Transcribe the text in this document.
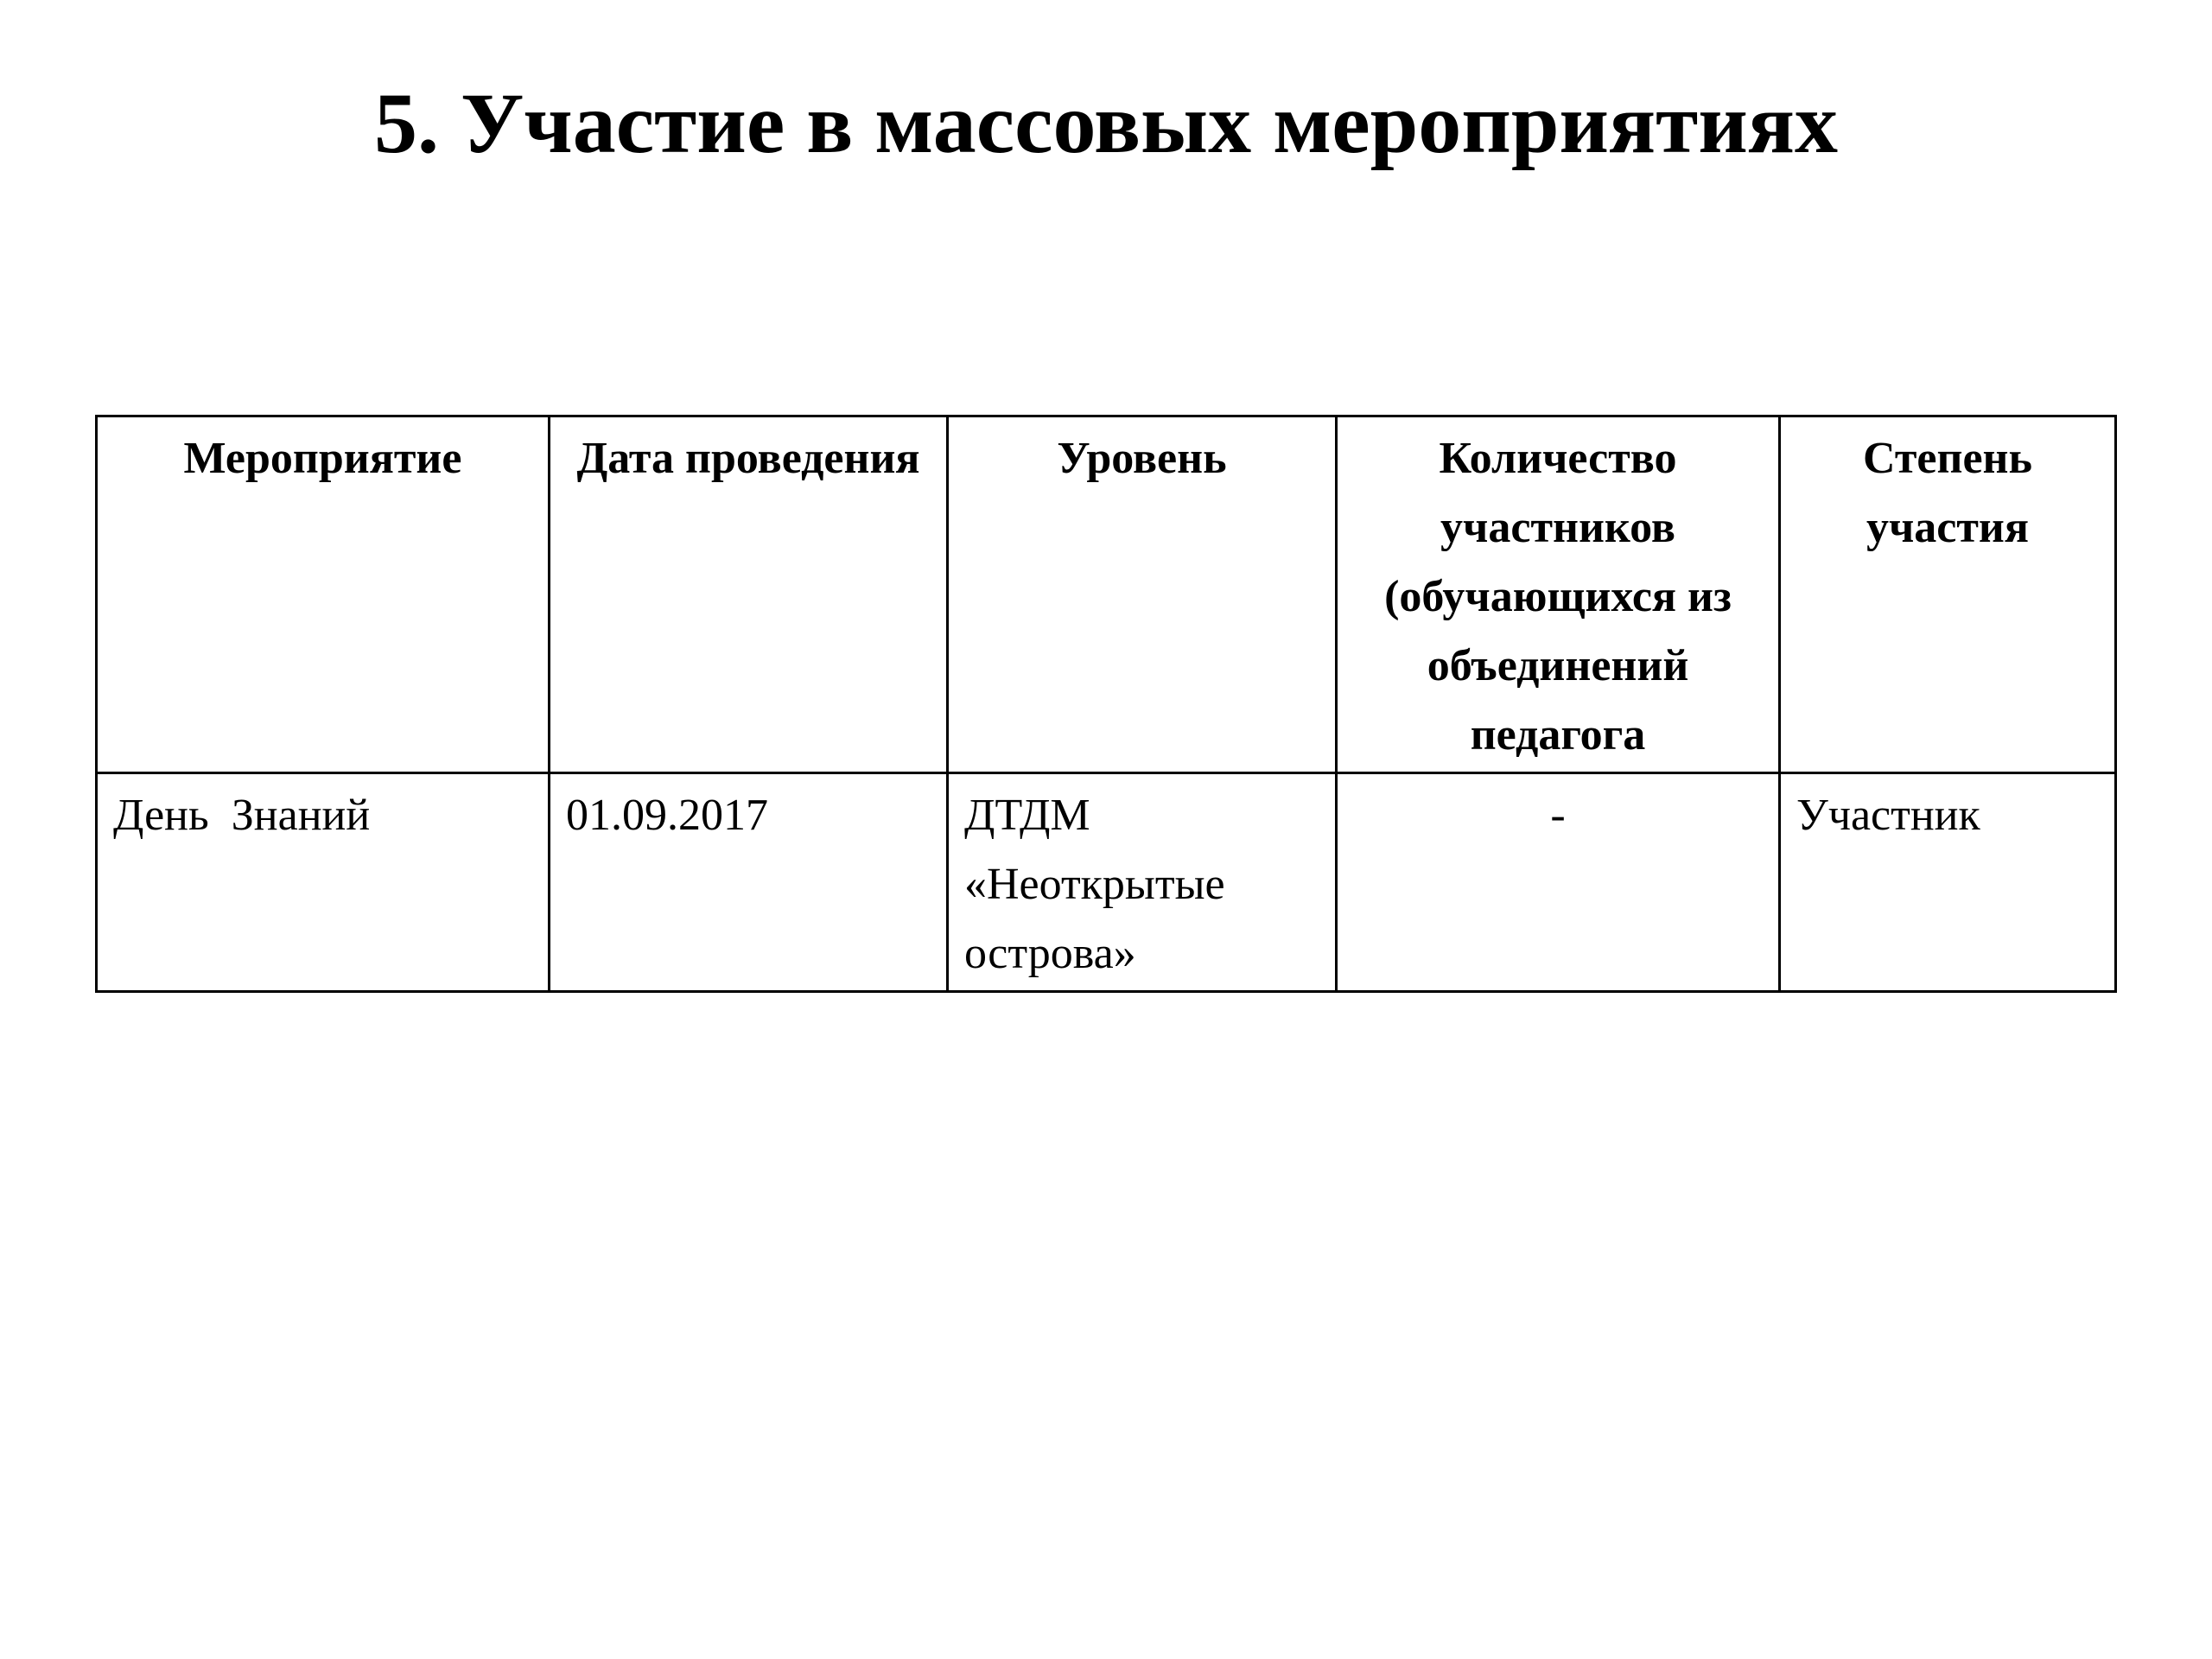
5. Участие в массовых мероприятиях
Мероприятие	Дата проведения	Уровень	Количество участников (обучающихся из объединений педагога	Степень участия
День  Знаний	01.09.2017	ДТДМ «Неоткрытые острова»	-	Участник
